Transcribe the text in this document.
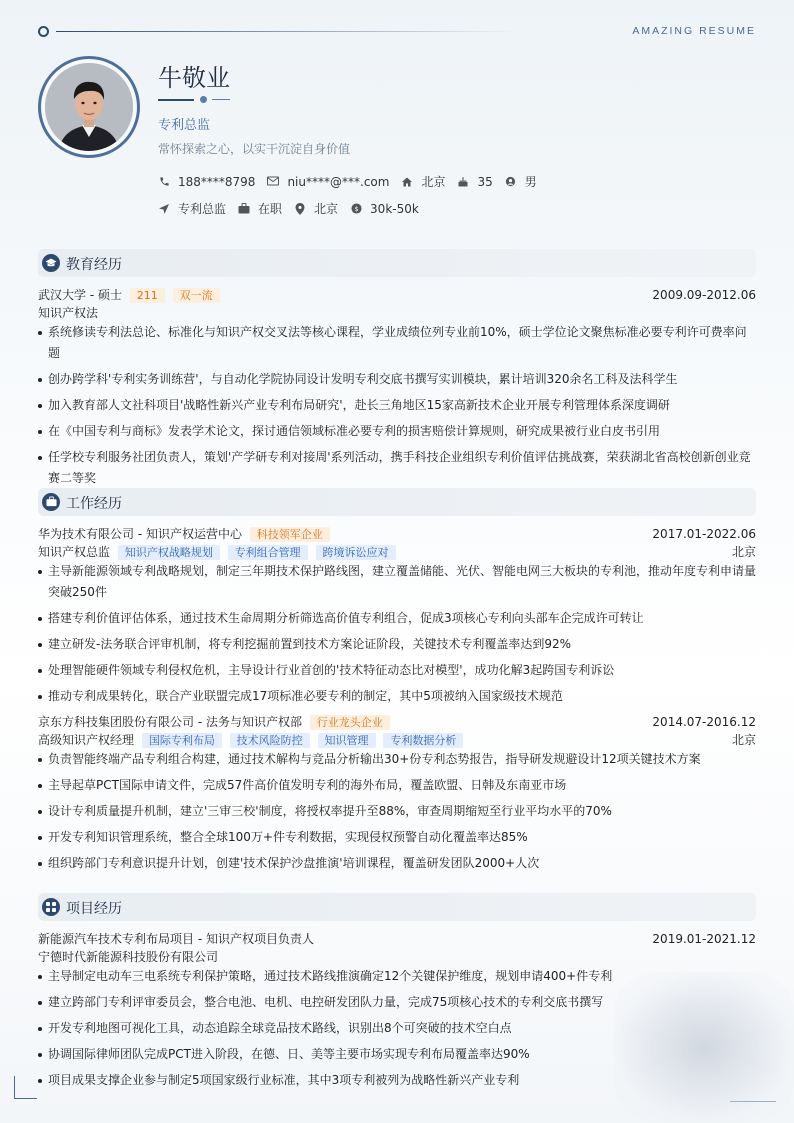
AMAZING RESUME
牛敬业
专利总监
常怀探索之心，以实干沉淀自身价值
188****8798	niu****@***.com	北京	35	男
专利总监	在职	北京 $ 30k-50k
教育经历
武汉大学 - 硕士 211 双一流	2009.09-2012.06
知识产权法
系统修读专利法总论、标准化与知识产权交叉法等核心课程，学业成绩位列专业前10%，硕士学位论文聚焦标准必要专利许可费率问题
创办跨学科'专利实务训练营'，与自动化学院协同设计发明专利交底书撰写实训模块，累计培训320余名工科及法科学生
加入教育部人文社科项目'战略性新兴产业专利布局研究'，赴长三角地区15家高新技术企业开展专利管理体系深度调研
在《中国专利与商标》发表学术论文，探讨通信领域标准必要专利的损害赔偿计算规则，研究成果被行业白皮书引用
任学校专利服务社团负责人，策划'产学研专利对接周'系列活动，携手科技企业组织专利价值评估挑战赛，荣获湖北省高校创新创业竞赛二等奖
工作经历
华为技术有限公司 - 知识产权运营中心 科技领军企业	2017.01-2022.06
知识产权总监 知识产权战略规划 专利组合管理 跨境诉讼应对	北京
主导新能源领域专利战略规划，制定三年期技术保护路线图，建立覆盖储能、光伏、智能电网三大板块的专利池，推动年度专利申请量突破250件
搭建专利价值评估体系，通过技术生命周期分析筛选高价值专利组合，促成3项核心专利向头部车企完成许可转让
建立研发-法务联合评审机制，将专利挖掘前置到技术方案论证阶段，关键技术专利覆盖率达到92%
处理智能硬件领域专利侵权危机，主导设计行业首创的'技术特征动态比对模型'，成功化解3起跨国专利诉讼
推动专利成果转化，联合产业联盟完成17项标准必要专利的制定，其中5项被纳入国家级技术规范
京东方科技集团股份有限公司 - 法务与知识产权部 行业龙头企业	2014.07-2016.12
高级知识产权经理 国际专利布局 技术风险防控 知识管理 专利数据分析	北京
负责智能终端产品专利组合构建，通过技术解构与竞品分析输出30+份专利态势报告，指导研发规避设计12项关键技术方案
主导起草PCT国际申请文件，完成57件高价值发明专利的海外布局，覆盖欧盟、日韩及东南亚市场
设计专利质量提升机制，建立'三审三校'制度，将授权率提升至88%，审查周期缩短至行业平均水平的70%
开发专利知识管理系统，整合全球100万+件专利数据，实现侵权预警自动化覆盖率达85%
组织跨部门专利意识提升计划，创建'技术保护沙盘推演'培训课程，覆盖研发团队2000+人次
项目经历
新能源汽车技术专利布局项目 - 知识产权项目负责人	2019.01-2021.12
宁德时代新能源科技股份有限公司
主导制定电动车三电系统专利保护策略，通过技术路线推演确定12个关键保护维度，规划申请400+件专利
建立跨部门专利评审委员会，整合电池、电机、电控研发团队力量，完成75项核心技术的专利交底书撰写
开发专利地图可视化工具，动态追踪全球竞品技术路线，识别出8个可突破的技术空白点
协调国际律师团队完成PCT进入阶段，在德、日、美等主要市场实现专利布局覆盖率达90%
项目成果支撑企业参与制定5项国家级行业标准，其中3项专利被列为战略性新兴产业专利
